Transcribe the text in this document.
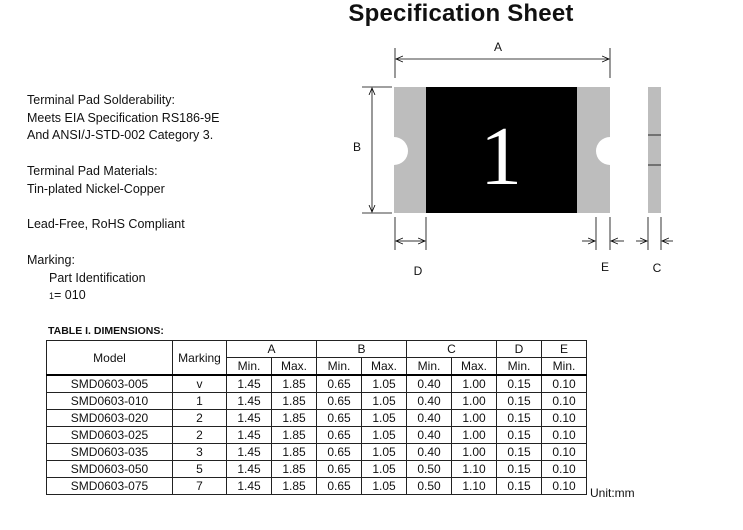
Specification Sheet
Terminal Pad Solderability:
Meets EIA Specification RS186-9E
And ANSI/J-STD-002 Category 3.
Terminal Pad Materials:
Tin-plated Nickel-Copper
Lead-Free, RoHS Compliant
Marking:
Part Identification
1= 010
A
B 1
D	E	C
TABLE I. DIMENSIONS:
Model	Marking	A		B		C		D	E
		Min.	Max.	Min.	Max.	Min.	Max.	Min.	Min.
SMD0603-005	v	1.45	1.85	0.65	1.05	0.40	1.00	0.15	0.10
SMD0603-010	1	1.45	1.85	0.65	1.05	0.40	1.00	0.15	0.10
SMD0603-020	2	1.45	1.85	0.65	1.05	0.40	1.00	0.15	0.10
SMD0603-025	2	1.45	1.85	0.65	1.05	0.40	1.00	0.15	0.10
SMD0603-035	3	1.45	1.85	0.65	1.05	0.40	1.00	0.15	0.10
SMD0603-050	5	1.45	1.85	0.65	1.05	0.50	1.10	0.15	0.10
SMD0603-075	7	1.45	1.85	0.65	1.05	0.50	1.10	0.15	0.10 Unit:mm
